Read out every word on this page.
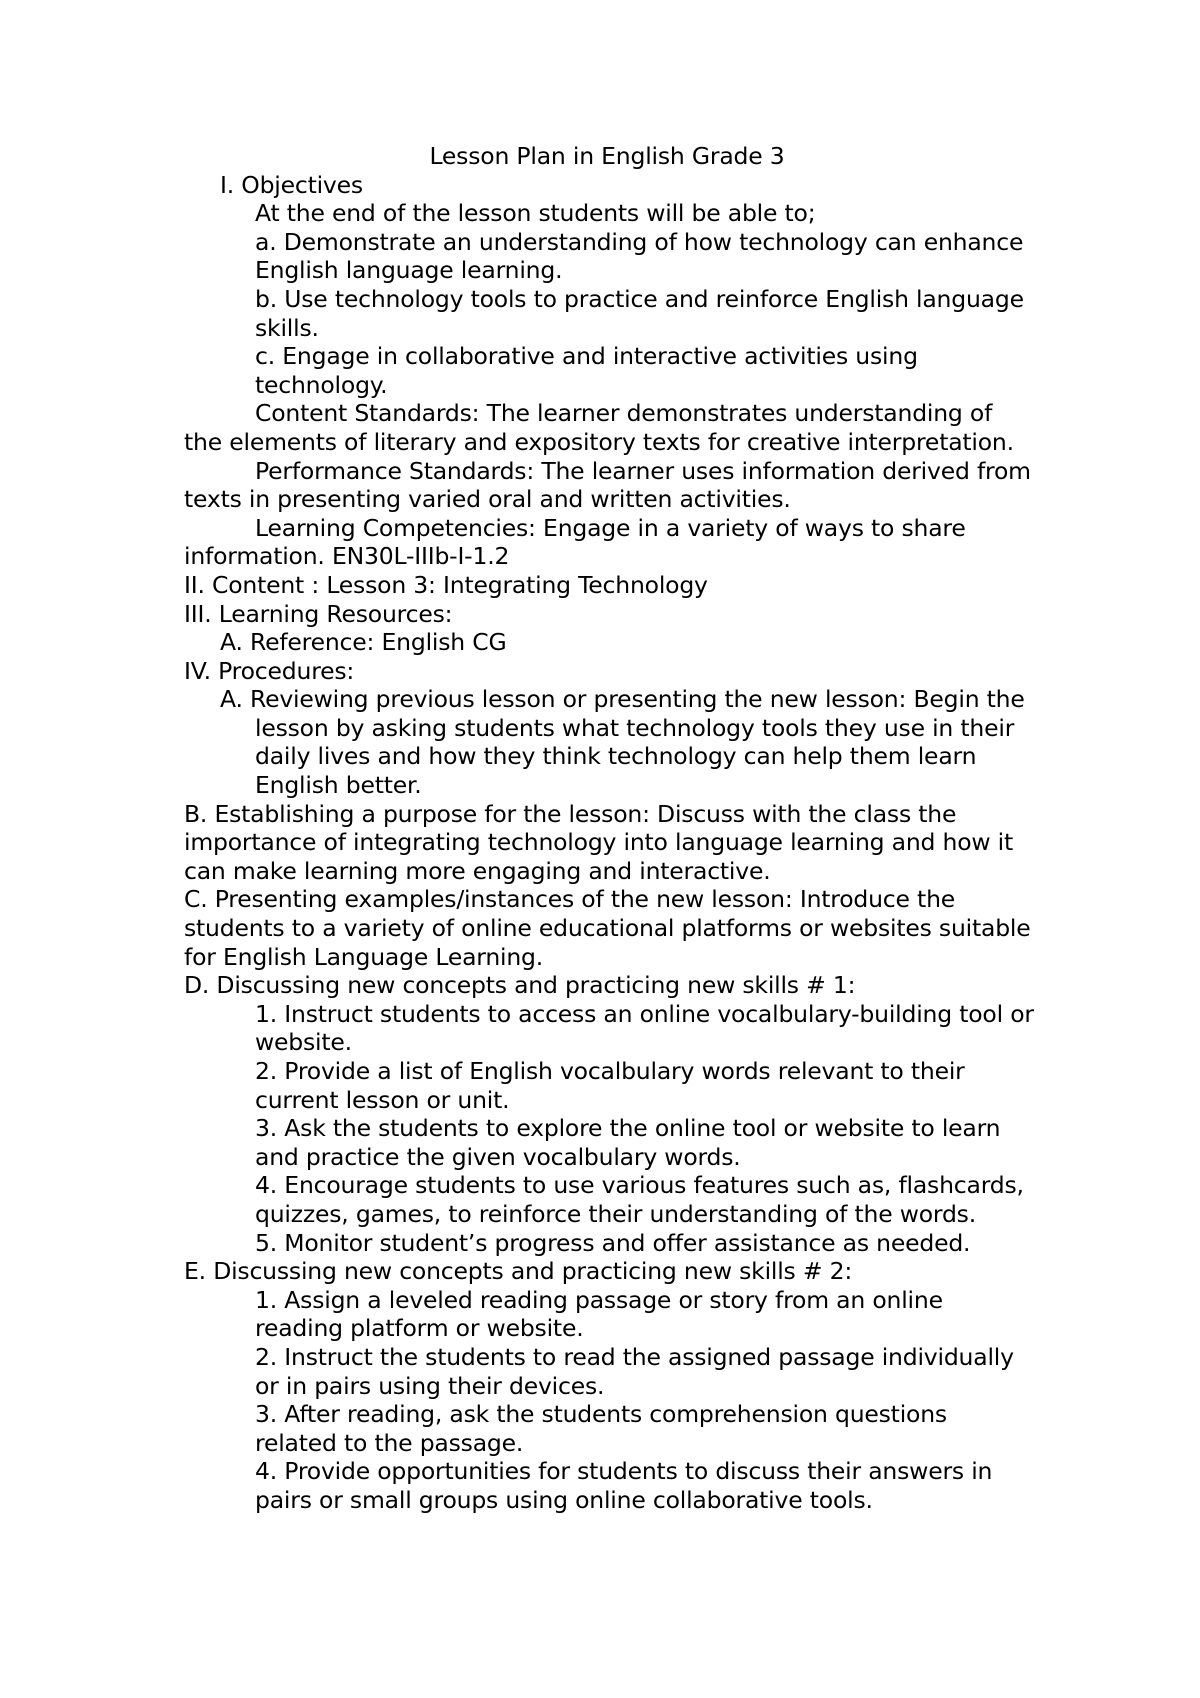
Lesson Plan in English Grade 3
I. Objectives
At the end of the lesson students will be able to;
a. Demonstrate an understanding of how technology can enhance English language learning.
b. Use technology tools to practice and reinforce English language skills.
c. Engage in collaborative and interactive activities using technology.
Content Standards: The learner demonstrates understanding of the elements of literary and expository texts for creative interpretation.
Performance Standards: The learner uses information derived from texts in presenting varied oral and written activities.
Learning Competencies: Engage in a variety of ways to share information. EN30L-IIIb-I-1.2
II. Content : Lesson 3: Integrating Technology
III. Learning Resources:
A. Reference: English CG
IV. Procedures:
A. Reviewing previous lesson or presenting the new lesson: Begin the lesson by asking students what technology tools they use in their daily lives and how they think technology can help them learn English better.
B. Establishing a purpose for the lesson: Discuss with the class the importance of integrating technology into language learning and how it can make learning more engaging and interactive.
C. Presenting examples/instances of the new lesson: Introduce the students to a variety of online educational platforms or websites suitable for English Language Learning.
D. Discussing new concepts and practicing new skills # 1:
1. Instruct students to access an online vocalbulary-building tool or website.
2. Provide a list of English vocalbulary words relevant to their current lesson or unit.
3. Ask the students to explore the online tool or website to learn and practice the given vocalbulary words.
4. Encourage students to use various features such as, flashcards, quizzes, games, to reinforce their understanding of the words.
5. Monitor student’s progress and offer assistance as needed.
E. Discussing new concepts and practicing new skills # 2:
1. Assign a leveled reading passage or story from an online reading platform or website.
2. Instruct the students to read the assigned passage individually or in pairs using their devices.
3. After reading, ask the students comprehension questions related to the passage.
4. Provide opportunities for students to discuss their answers in pairs or small groups using online collaborative tools.
